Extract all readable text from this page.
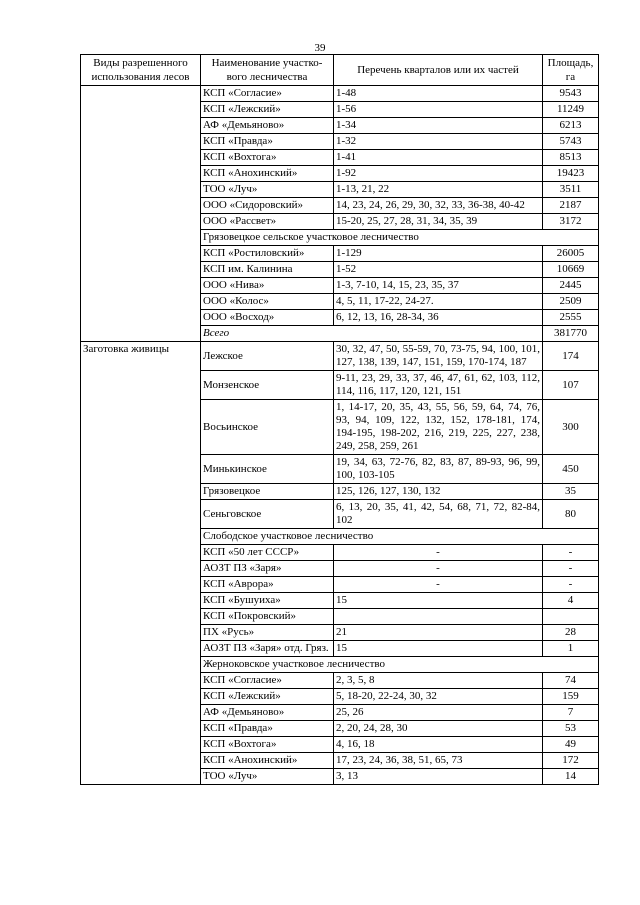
39
Виды разрешенного использования лесов	Наименование участко-вого лесничества	Перечень кварталов или их частей	Площадь, га
	КСП «Согласие»	1-48	9543
	КСП «Лежский»	1-56	11249
	АФ «Демьяново»	1-34	6213
	КСП «Правда»	1-32	5743
	КСП «Вохтога»	1-41	8513
	КСП «Анохинский»	1-92	19423
	ТОО «Луч»	1-13, 21, 22	3511
	ООО «Сидоровский»	14, 23, 24, 26, 29, 30, 32, 33, 36-38, 40-42	2187
	ООО «Рассвет»	15-20, 25, 27, 28, 31, 34, 35, 39	3172
	Грязовецкое сельское участковое лесничество		
	КСП «Ростиловский»	1-129	26005
	КСП им. Калинина	1-52	10669
	ООО «Нива»	1-3, 7-10, 14, 15, 23, 35, 37	2445
	ООО «Колос»	4, 5, 11, 17-22, 24-27.	2509
	ООО «Восход»	6, 12, 13, 16, 28-34, 36	2555
	Всего		381770
Заготовка живицы	Лежское	30, 32, 47, 50, 55-59, 70, 73-75, 94, 100, 101, 127, 138, 139, 147, 151, 159, 170-174, 187	174
	Монзенское	9-11, 23, 29, 33, 37, 46, 47, 61, 62, 103, 112, 114, 116, 117, 120, 121, 151	107
	Восьинское	1, 14-17, 20, 35, 43, 55, 56, 59, 64, 74, 76, 93, 94, 109, 122, 132, 152, 178-181, 174, 194-195, 198-202, 216, 219, 225, 227, 238, 249, 258, 259, 261	300
	Минькинское	19, 34, 63, 72-76, 82, 83, 87, 89-93, 96, 99, 100, 103-105	450
	Грязовецкое	125, 126, 127, 130, 132	35
	Сеньговское	6, 13, 20, 35, 41, 42, 54, 68, 71, 72, 82-84, 102	80
	Слободское участковое лесничество		
	КСП «50 лет СССР»	-	-
	АОЗТ ПЗ «Заря»	-	-
	КСП «Аврора»	-	-
	КСП «Бушуиха»	15	4
	КСП «Покровский»		
	ПХ «Русь»	21	28
	АОЗТ ПЗ «Заря» отд. Гряз.	15	1
	Жерноковское участковое лесничество		
	КСП «Согласие»	2, 3, 5, 8	74
	КСП «Лежский»	5, 18-20, 22-24, 30, 32	159
	АФ «Демьяново»	25, 26	7
	КСП «Правда»	2, 20, 24, 28, 30	53
	КСП «Вохтога»	4, 16, 18	49
	КСП «Анохинский»	17, 23, 24, 36, 38, 51, 65, 73	172
	ТОО «Луч»	3, 13	14
